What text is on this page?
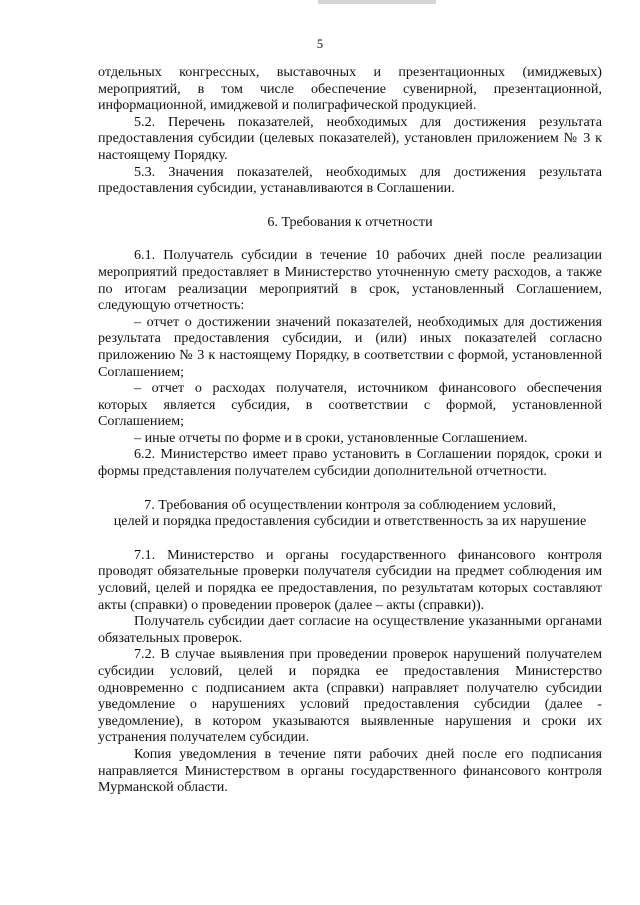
5

отдельных конгрессных, выставочных и презентационных (имиджевых) мероприятий, в том числе обеспечение сувенирной, презентационной, информационной, имиджевой и полиграфической продукцией.

5.2. Перечень показателей, необходимых для достижения результата предоставления субсидии (целевых показателей), установлен приложением № 3 к настоящему Порядку.

5.3. Значения показателей, необходимых для достижения результата предоставления субсидии, устанавливаются в Соглашении.

6. Требования к отчетности

6.1. Получатель субсидии в течение 10 рабочих дней после реализации мероприятий предоставляет в Министерство уточненную смету расходов, а также по итогам реализации мероприятий в срок, установленный Соглашением, следующую отчетность:

– отчет о достижении значений показателей, необходимых для достижения результата предоставления субсидии, и (или) иных показателей согласно приложению № 3 к настоящему Порядку, в соответствии с формой, установленной Соглашением;

– отчет о расходах получателя, источником финансового обеспечения которых является субсидия, в соответствии с формой, установленной Соглашением;

– иные отчеты по форме и в сроки, установленные Соглашением.

6.2. Министерство имеет право установить в Соглашении порядок, сроки и формы представления получателем субсидии дополнительной отчетности.

7. Требования об осуществлении контроля за соблюдением условий,

целей и порядка предоставления субсидии и ответственность за их нарушение

7.1. Министерство и органы государственного финансового контроля проводят обязательные проверки получателя субсидии на предмет соблюдения им условий, целей и порядка ее предоставления, по результатам которых составляют акты (справки) о проведении проверок (далее – акты (справки)).

Получатель субсидии дает согласие на осуществление указанными органами обязательных проверок.

7.2. В случае выявления при проведении проверок нарушений получателем субсидии условий, целей и порядка ее предоставления Министерство одновременно с подписанием акта (справки) направляет получателю субсидии уведомление о нарушениях условий предоставления субсидии (далее - уведомление), в котором указываются выявленные нарушения и сроки их устранения получателем субсидии.

Копия уведомления в течение пяти рабочих дней после его подписания направляется Министерством в органы государственного финансового контроля Мурманской области.
